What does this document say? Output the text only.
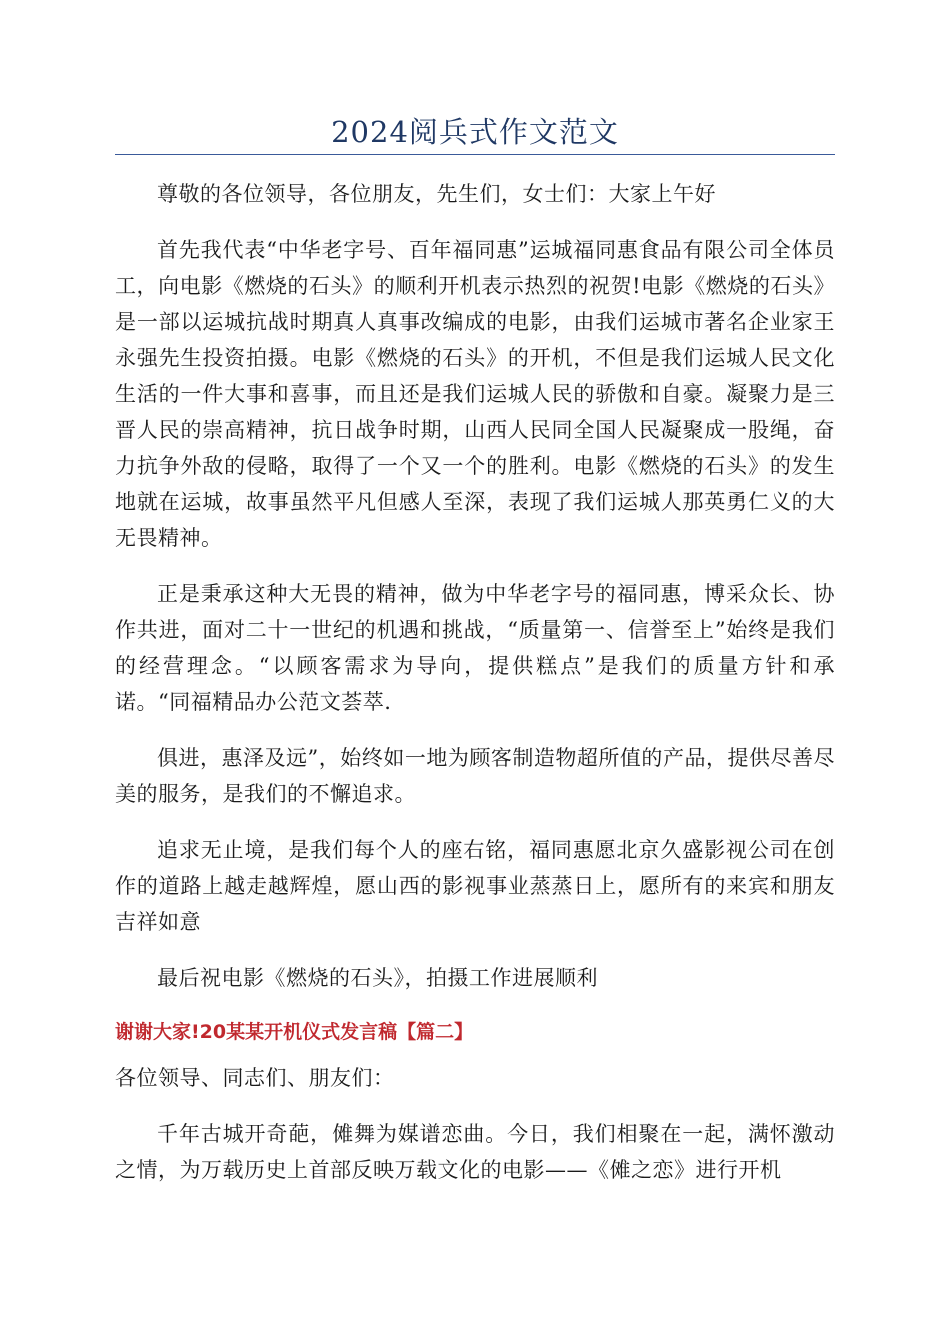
2024阅兵式作文范文

尊敬的各位领导，各位朋友，先生们，女士们：大家上午好

首先我代表“中华老字号、百年福同惠”运城福同惠食品有限公司全体员工，向电影《燃烧的石头》的顺利开机表示热烈的祝贺!电影《燃烧的石头》是一部以运城抗战时期真人真事改编成的电影，由我们运城市著名企业家王永强先生投资拍摄。电影《燃烧的石头》的开机，不但是我们运城人民文化生活的一件大事和喜事，而且还是我们运城人民的骄傲和自豪。凝聚力是三晋人民的崇高精神，抗日战争时期，山西人民同全国人民凝聚成一股绳，奋力抗争外敌的侵略，取得了一个又一个的胜利。电影《燃烧的石头》的发生地就在运城，故事虽然平凡但感人至深，表现了我们运城人那英勇仁义的大无畏精神。

正是秉承这种大无畏的精神，做为中华老字号的福同惠，博采众长、协作共进，面对二十一世纪的机遇和挑战，“质量第一、信誉至上”始终是我们的经营理念。“以顾客需求为导向，提供糕点”是我们的质量方针和承诺。“同福精品办公范文荟萃.

俱进，惠泽及远”，始终如一地为顾客制造物超所值的产品，提供尽善尽美的服务，是我们的不懈追求。

追求无止境，是我们每个人的座右铭，福同惠愿北京久盛影视公司在创作的道路上越走越辉煌，愿山西的影视事业蒸蒸日上，愿所有的来宾和朋友吉祥如意

最后祝电影《燃烧的石头》，拍摄工作进展顺利

谢谢大家!20某某开机仪式发言稿【篇二】

各位领导、同志们、朋友们：

千年古城开奇葩，傩舞为媒谱恋曲。今日，我们相聚在一起，满怀激动之情，为万载历史上首部反映万载文化的电影——《傩之恋》进行开机
